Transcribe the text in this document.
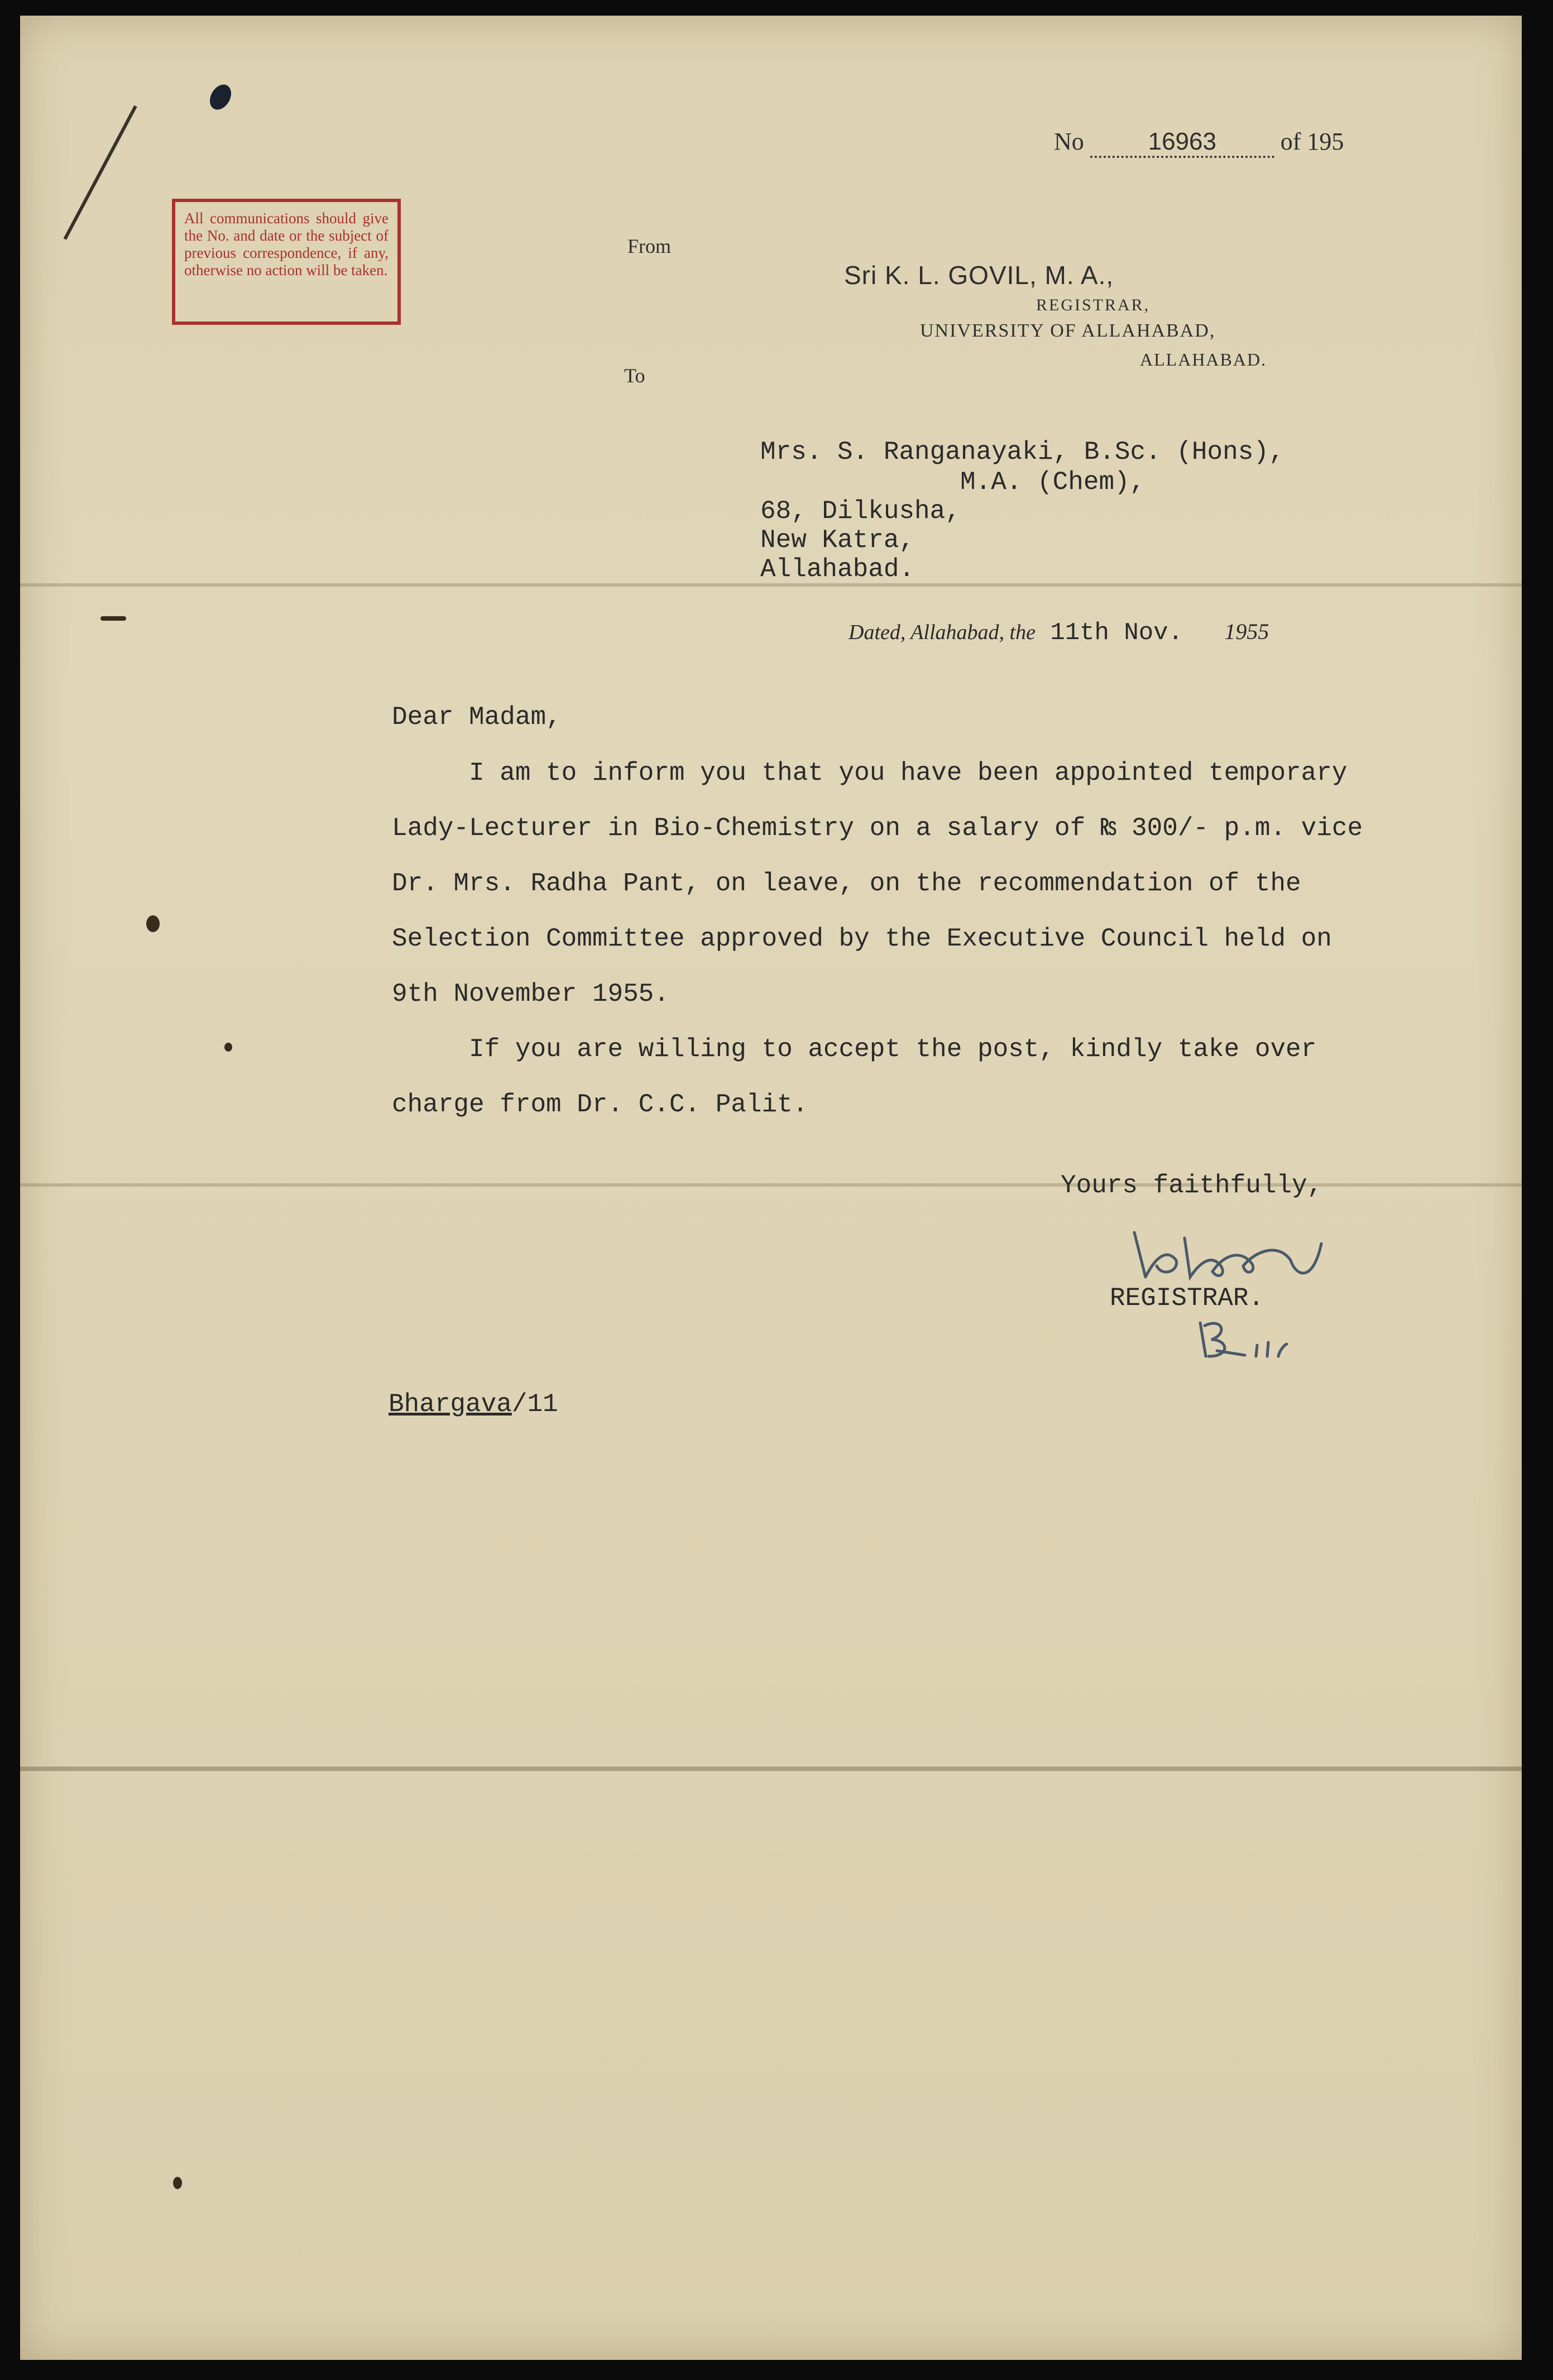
All communications should give the No. and date or the subject of previous correspondence, if any, otherwise no action will be taken.
No	16963	of 195
From
To
Sri K. L. GOVIL, M. A.,
REGISTRAR,
UNIVERSITY OF ALLAHABAD,
ALLAHABAD.
Mrs. S. Ranganayaki, B.Sc. (Hons),
M.A. (Chem),
68, Dilkusha,
New Katra,
Allahabad.
Dated, Allahabad, the 11th Nov. 1955
Dear Madam,

I am to inform you that you have been appointed temporary

Lady-Lecturer in Bio-Chemistry on a salary of ₨ 300/- p.m. vice

Dr. Mrs. Radha Pant, on leave, on the recommendation of the

Selection Committee approved by the Executive Council held on

9th November 1955.

If you are willing to accept the post, kindly take over

charge from Dr. C.C. Palit.

Yours faithfully,
REGISTRAR.
Bhargava/11
